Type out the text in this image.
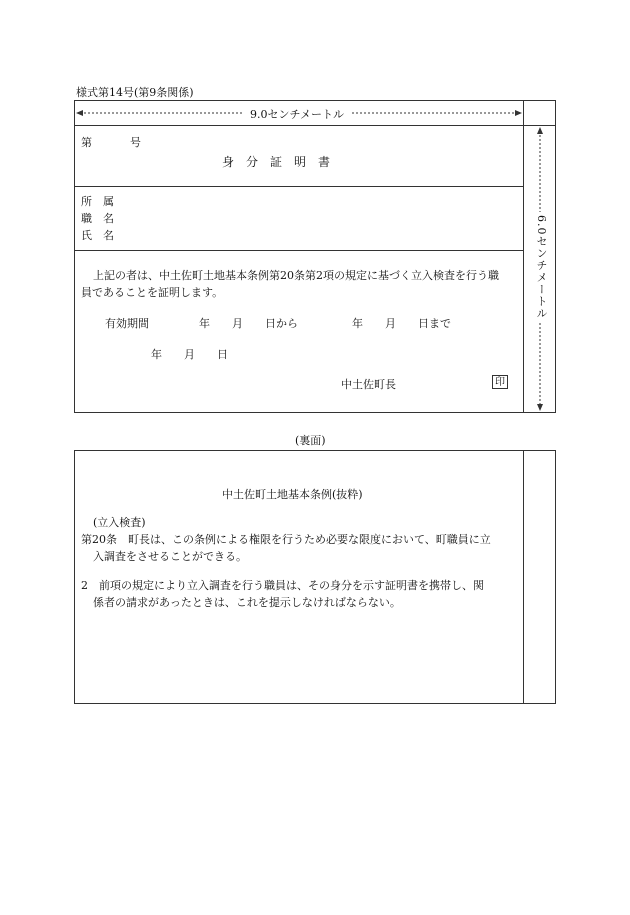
様式第14号(第9条関係)
9.0センチメートル
6.0センチメートル
第	号
身　分　証　明　書
所　属
職　名
氏　名
上記の者は、中土佐町土地基本条例第20条第2項の規定に基づく立入検査を行う職
員であることを証明します。
有効期間	年　　月　　日から	年　　月　　日まで
年　　月　　日
中土佐町長	印
(裏面)
中土佐町土地基本条例(抜粋)
(立入検査)
第20条　町長は、この条例による権限を行うため必要な限度において、町職員に立
入調査をさせることができる。
2　前項の規定により立入調査を行う職員は、その身分を示す証明書を携帯し、関
係者の請求があったときは、これを提示しなければならない。
